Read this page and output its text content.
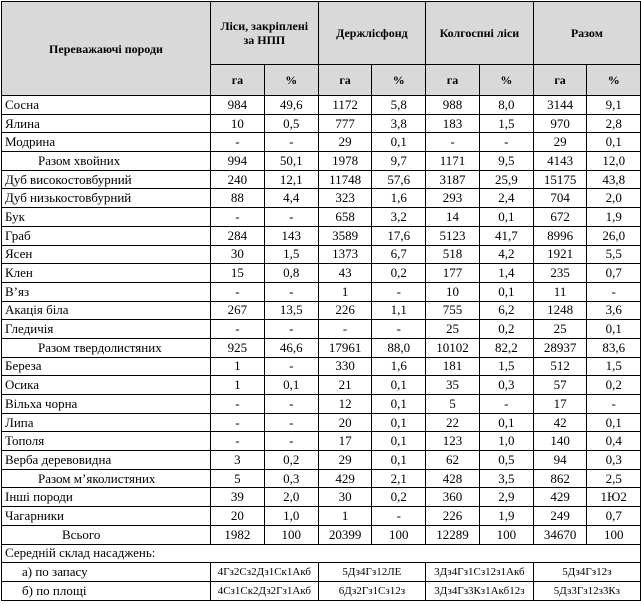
Переважаючі породи	Ліси, закріплені за НПП		Держлісфонд		Колгоспні ліси		Разом	
	га	%	га	%	га	%	га	%
Сосна	984	49,6	1172	5,8	988	8,0	3144	9,1
Ялина	10	0,5	777	3,8	183	1,5	970	2,8
Модрина	-	-	29	0,1	-	-	29	0,1
Разом хвойних	994	50,1	1978	9,7	1171	9,5	4143	12,0
Дуб високостовбурний	240	12,1	11748	57,6	3187	25,9	15175	43,8
Дуб низькостовбурний	88	4,4	323	1,6	293	2,4	704	2,0
Бук	-	-	658	3,2	14	0,1	672	1,9
Граб	284	143	3589	17,6	5123	41,7	8996	26,0
Ясен	30	1,5	1373	6,7	518	4,2	1921	5,5
Клен	15	0,8	43	0,2	177	1,4	235	0,7
В’яз	-	-	1	-	10	0,1	11	-
Акація біла	267	13,5	226	1,1	755	6,2	1248	3,6
Гледичія	-	-	-	-	25	0,2	25	0,1
Разом твердолистяних	925	46,6	17961	88,0	10102	82,2	28937	83,6
Береза	1	-	330	1,6	181	1,5	512	1,5
Осика	1	0,1	21	0,1	35	0,3	57	0,2
Вільха чорна	-	-	12	0,1	5	-	17	-
Липа	-	-	20	0,1	22	0,1	42	0,1
Тополя	-	-	17	0,1	123	1,0	140	0,4
Верба деревовидна	3	0,2	29	0,1	62	0,5	94	0,3
Разом м’яколистяних	5	0,3	429	2,1	428	3,5	862	2,5
Інші породи	39	2,0	30	0,2	360	2,9	429	1Ю2
Чагарники	20	1,0	1	-	226	1,9	249	0,7
Всього	1982	100	20399	100	12289	100	34670	100
Середній склад насаджень:								
а) по запасу	4Гз2Сз2Дз1Ск1Акб		5Дз4Гз12ЛЕ		3Дз4Гз1Сз12з1Акб		5Дз4Гз12з	
б) по площі	4Сз1Ск2Дз2Гз1Акб		6Дз2Гз1Сз12з		3Дз4Гз3Кз1Акб12з		5Дз3Гз12з3Кз	
